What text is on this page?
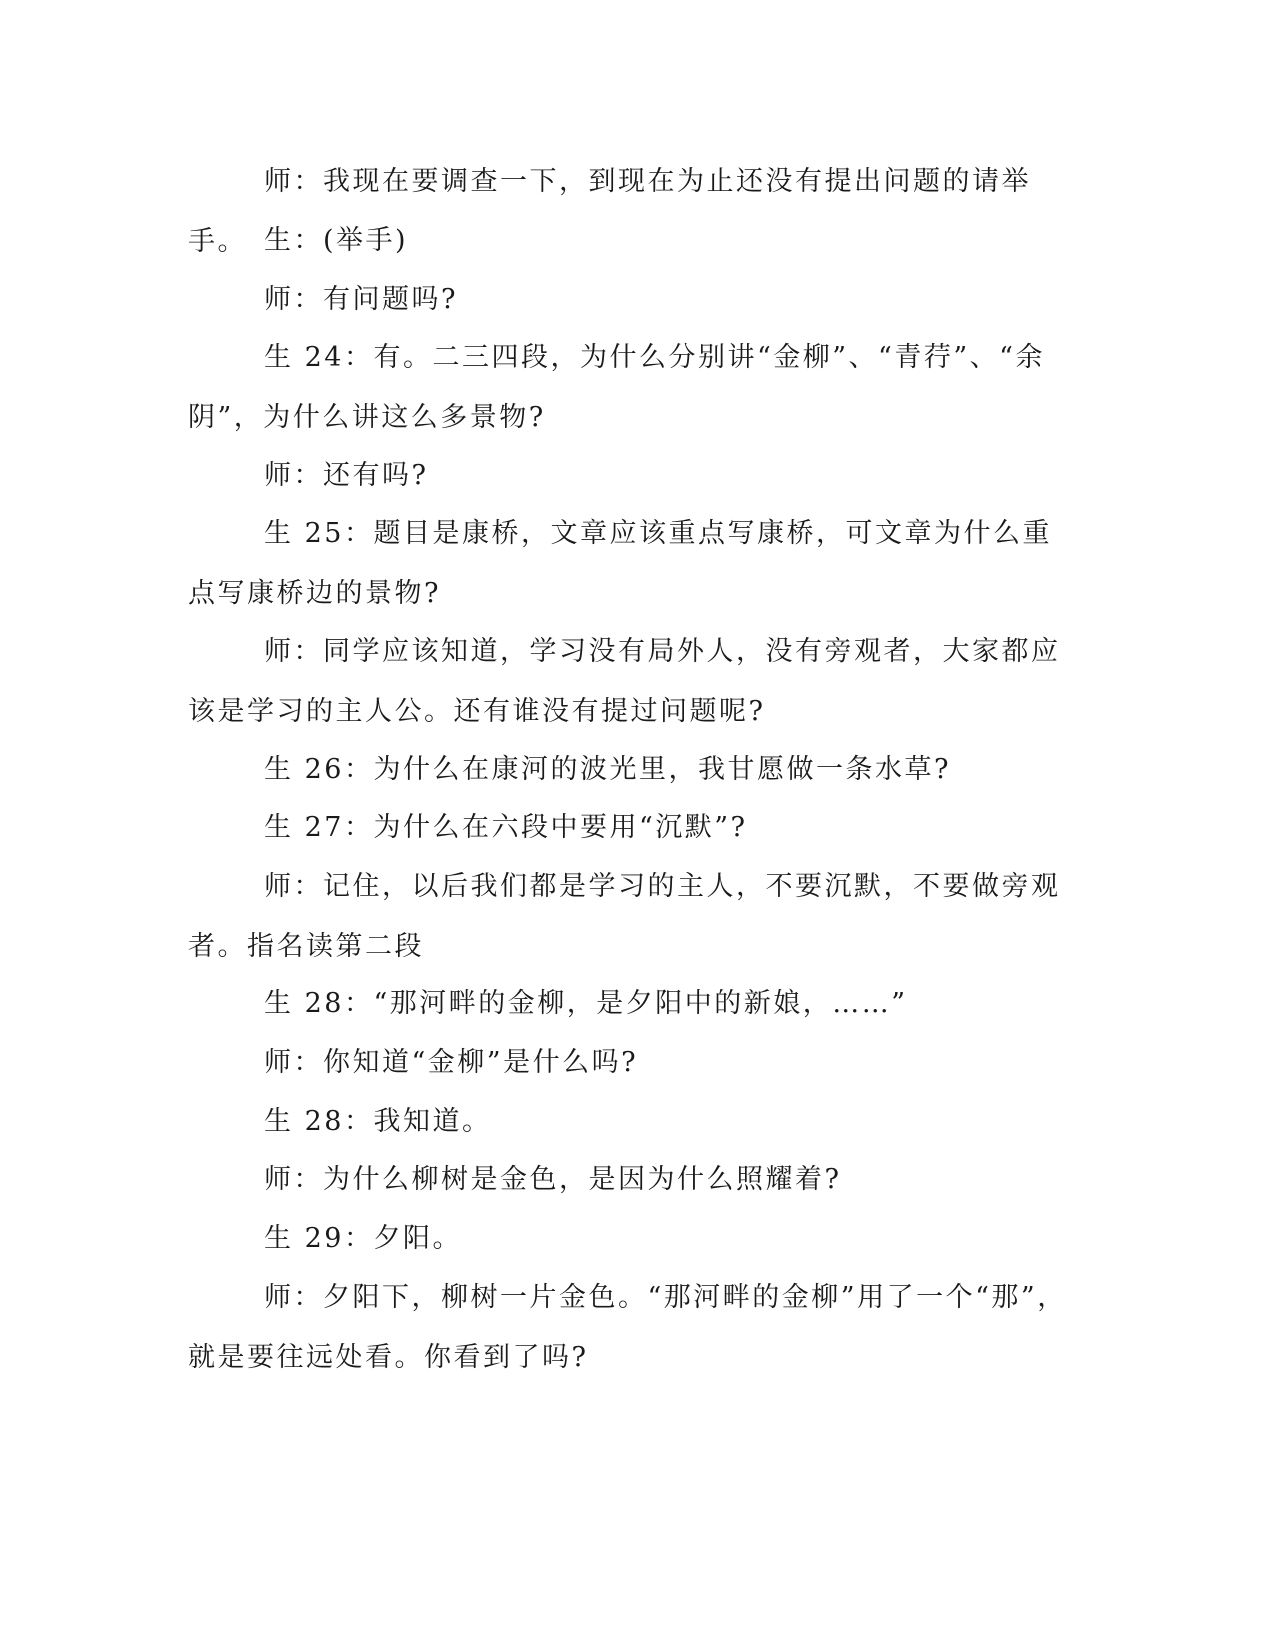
师：我现在要调查一下，到现在为止还没有提出问题的请举手。 生：(举手)

师：有问题吗?

生 24：有。二三四段，为什么分别讲“金柳”、“青荇”、“余阴”，为什么讲这么多景物?

师：还有吗?

生 25：题目是康桥，文章应该重点写康桥，可文章为什么重点写康桥边的景物?

师：同学应该知道，学习没有局外人，没有旁观者，大家都应该是学习的主人公。还有谁没有提过问题呢?

生 26：为什么在康河的波光里，我甘愿做一条水草?

生 27：为什么在六段中要用“沉默”?

师：记住，以后我们都是学习的主人，不要沉默，不要做旁观者。指名读第二段

生 28：“那河畔的金柳，是夕阳中的新娘，……”

师：你知道“金柳”是什么吗?

生 28：我知道。

师：为什么柳树是金色，是因为什么照耀着?

生 29：夕阳。

师：夕阳下，柳树一片金色。“那河畔的金柳”用了一个“那”，就是要往远处看。你看到了吗?
